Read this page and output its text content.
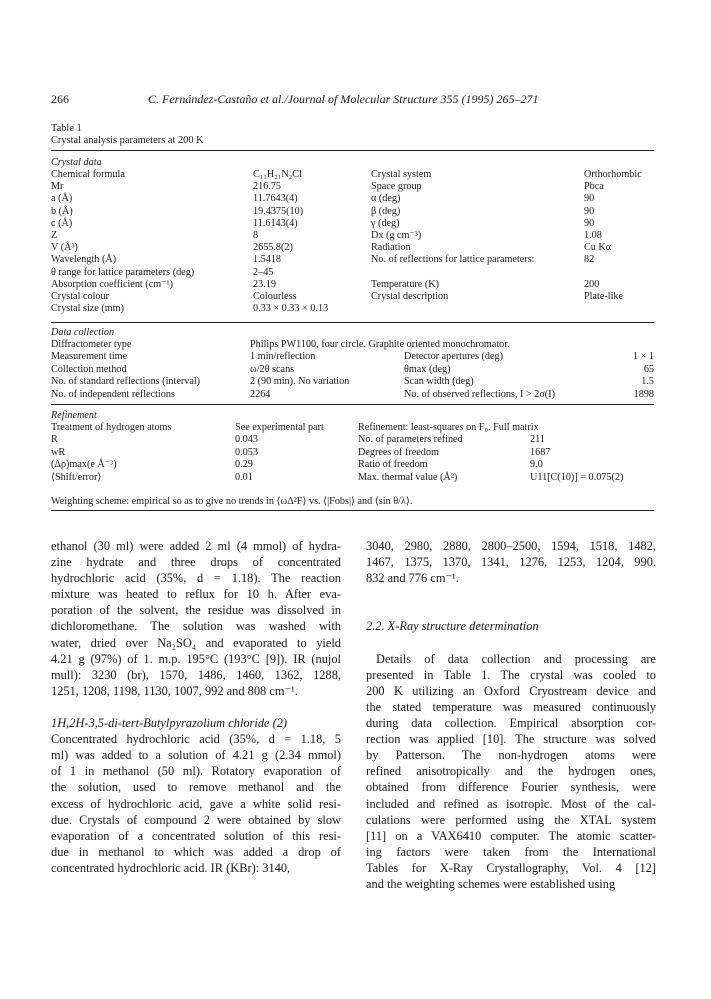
266	C. Fernández-Castaño et al./Journal of Molecular Structure 355 (1995) 265–271
Table 1
Crystal analysis parameters at 200 K
Crystal data
Chemical formula	C₁₁H₂₁N₂Cl	Crystal system	Orthorhombic
Mr	216.75	Space group	Pbca
a (Å)	11.7643(4)	α (deg)	90
b (Å)	19.4375(10)	β (deg)	90
c (Å)	11.6143(4)	γ (deg)	90
Z	8	Dx (g cm⁻³)	1.08
V (Å³)	2655.8(2)	Radiation	Cu Kα
Wavelength (Å)	1.5418	No. of reflections for lattice parameters:	82
θ range for lattice parameters (deg)	2–45
Absorption coefficient (cm⁻¹)	23.19	Temperature (K)	200
Crystal colour	Colourless	Crystal description	Plate-like
Crystal size (mm)	0.33 × 0.33 × 0.13
Data collection
Diffractometer type	Philips PW1100, four circle. Graphite oriented monochromator.
Measurement time	1 min/reflection	Detector apertures (deg)	1 × 1
Collection method	ω/2θ scans	θmax (deg)	65
No. of standard reflections (interval)	2 (90 min). No variation	Scan width (deg)	1.5
No. of independent reflections	2264	No. of observed reflections, I > 2σ(I)	1898
Refinement
Treatment of hydrogen atoms	See experimental part	Refinement: least-squares on F₀. Full matrix
R	0.043	No. of parameters refined	211
wR	0.053	Degrees of freedom	1687
(Δρ)max(e Å⁻³)	0.29	Ratio of freedom	9.0
⟨Shift/error⟩	0.01	Max. thermal value (Å²)	U11[C(10)] = 0.075(2)
Weighting scheme: empirical so as to give no trends in ⟨ωΔ²F⟩ vs. ⟨|Fobs|⟩ and ⟨sin θ/λ⟩.
ethanol (30 ml) were added 2 ml (4 mmol) of hydra-
zine hydrate and three drops of concentrated
hydrochloric acid (35%, d = 1.18). The reaction
mixture was heated to reflux for 10 h. After eva-
poration of the solvent, the residue was dissolved in
dichloromethane. The solution was washed with
water, dried over Na₂SO₄ and evaporated to yield
4.21 g (97%) of 1. m.p. 195°C (193°C [9]). IR (nujol
mull): 3230 (br), 1570, 1486, 1460, 1362, 1288,
1251, 1208, 1198, 1130, 1007, 992 and 808 cm⁻¹.
1H,2H-3,5-di-tert-Butylpyrazolium chloride (2)
Concentrated hydrochloric acid (35%, d = 1.18, 5
ml) was added to a solution of 4.21 g (2.34 mmol)
of 1 in methanol (50 ml). Rotatory evaporation of
the solution, used to remove methanol and the
excess of hydrochloric acid, gave a white solid resi-
due. Crystals of compound 2 were obtained by slow
evaporation of a concentrated solution of this resi-
due in methanol to which was added a drop of
concentrated hydrochloric acid. IR (KBr): 3140,
3040, 2980, 2880, 2800–2500, 1594, 1518, 1482,
1467, 1375, 1370, 1341, 1276, 1253, 1204, 990.
832 and 776 cm⁻¹.
2.2. X-Ray structure determination
Details of data collection and processing are
presented in Table 1. The crystal was cooled to
200 K utilizing an Oxford Cryostream device and
the stated temperature was measured continuously
during data collection. Empirical absorption cor-
rection was applied [10]. The structure was solved
by Patterson. The non-hydrogen atoms were
refined anisotropically and the hydrogen ones,
obtained from difference Fourier synthesis, were
included and refined as isotropic. Most of the cal-
culations were performed using the XTAL system
[11] on a VAX6410 computer. The atomic scatter-
ing factors were taken from the International
Tables for X-Ray Crystallography, Vol. 4 [12]
and the weighting schemes were established using
